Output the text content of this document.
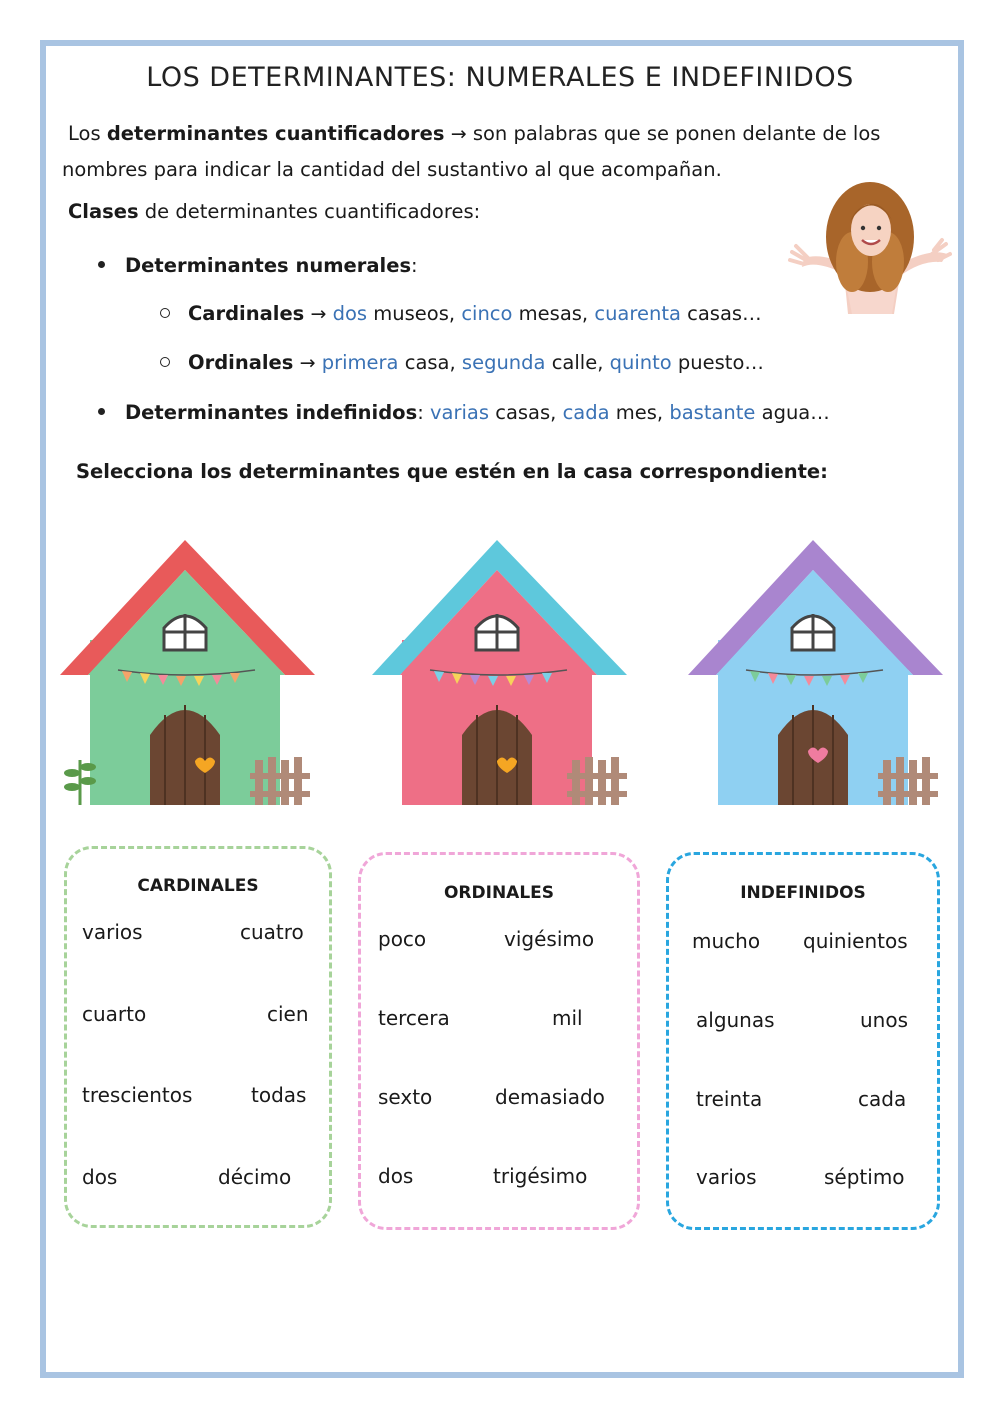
LOS DETERMINANTES: NUMERALES E INDEFINIDOS
Los determinantes cuantificadores → son palabras que se ponen delante de los
nombres para indicar la cantidad del sustantivo al que acompañan.
Clases de determinantes cuantificadores:
Determinantes numerales:
Cardinales → dos museos, cinco mesas, cuarenta casas…
Ordinales → primera casa, segunda calle, quinto puesto…
Determinantes indefinidos: varias casas, cada mes, bastante agua…
Selecciona los determinantes que estén en la casa correspondiente:
CARDINALES
varios	cuatro
cuarto	cien
trescientos	todas
dos	décimo
ORDINALES
poco	vigésimo
tercera	mil
sexto	demasiado
dos	trigésimo
INDEFINIDOS
mucho quinientos
algunas	unos
treinta	cada
varios	séptimo
